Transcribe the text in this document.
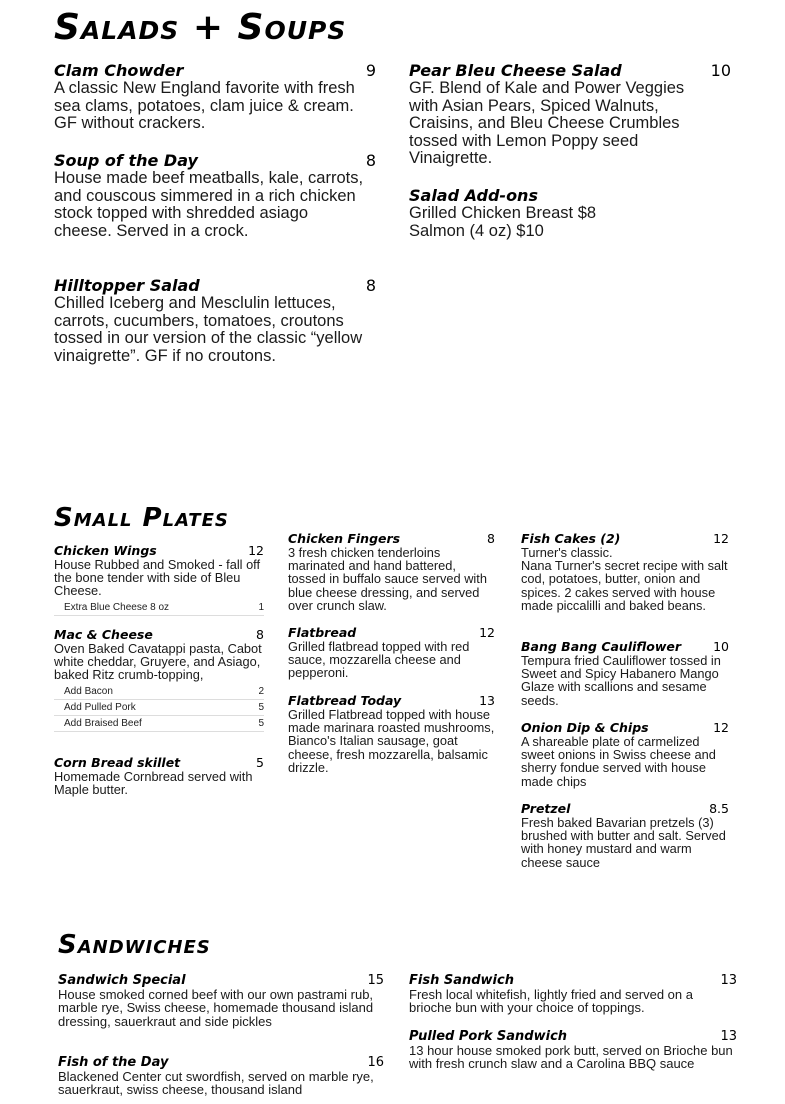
Salads + Soups
Clam Chowder	9
A classic New England favorite with fresh sea clams, potatoes, clam juice & cream. GF without crackers.
Soup of the Day	8
House made beef meatballs, kale, carrots, and couscous simmered in a rich chicken stock topped with shredded asiago cheese. Served in a crock.
Hilltopper Salad	8
Chilled Iceberg and Mesclulin lettuces, carrots, cucumbers, tomatoes, croutons tossed in our version of the classic “yellow vinaigrette”. GF if no croutons.
Pear Bleu Cheese Salad	10
GF. Blend of Kale and Power Veggies with Asian Pears, Spiced Walnuts, Craisins, and Bleu Cheese Crumbles tossed with Lemon Poppy seed Vinaigrette.
Salad Add-ons
Grilled Chicken Breast $8
Salmon (4 oz) $10
Small Plates
Chicken Wings	12
House Rubbed and Smoked - fall off the bone tender with side of Bleu Cheese.
Extra Blue Cheese 8 oz	1
Mac & Cheese	8
Oven Baked Cavatappi pasta, Cabot white cheddar, Gruyere, and Asiago, baked Ritz crumb-topping,
Add Bacon	2
Add Pulled Pork	5
Add Braised Beef	5
Corn Bread skillet	5
Homemade Cornbread served with Maple butter.
Chicken Fingers	8
3 fresh chicken tenderloins marinated and hand battered, tossed in buffalo sauce served with blue cheese dressing, and served over crunch slaw.
Flatbread	12
Grilled flatbread topped with red sauce, mozzarella cheese and pepperoni.
Flatbread Today	13
Grilled Flatbread topped with house made marinara roasted mushrooms, Bianco's Italian sausage, goat cheese, fresh mozzarella, balsamic drizzle.
Fish Cakes (2)	12
Turner's classic.
Nana Turner's secret recipe with salt cod, potatoes, butter, onion and spices. 2 cakes served with house made piccalilli and baked beans.
Bang Bang Cauliflower	10
Tempura fried Cauliflower tossed in Sweet and Spicy Habanero Mango Glaze with scallions and sesame seeds.
Onion Dip & Chips	12
A shareable plate of carmelized sweet onions in Swiss cheese and sherry fondue served with house made chips
Pretzel	8.5
Fresh baked Bavarian pretzels (3) brushed with butter and salt. Served with honey mustard and warm cheese sauce
Sandwiches
Sandwich Special	15
House smoked corned beef with our own pastrami rub, marble rye, Swiss cheese, homemade thousand island dressing, sauerkraut and side pickles
Fish of the Day	16
Blackened Center cut swordfish, served on marble rye, sauerkraut, swiss cheese, thousand island
Fish Sandwich	13
Fresh local whitefish, lightly fried and served on a brioche bun with your choice of toppings.
Pulled Pork Sandwich	13
13 hour house smoked pork butt, served on Brioche bun with fresh crunch slaw and a Carolina BBQ sauce
